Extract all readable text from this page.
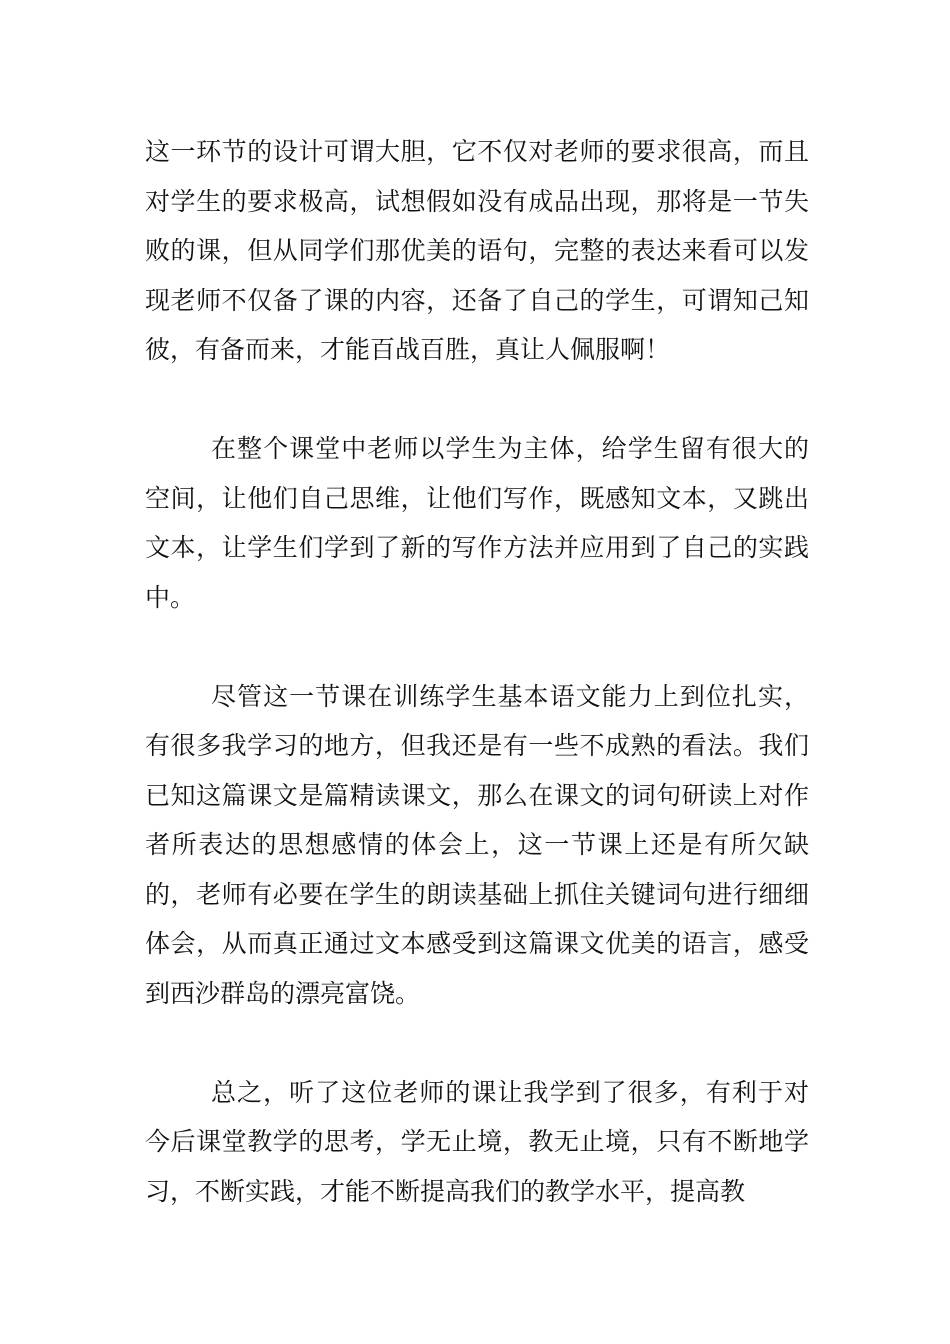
这一环节的设计可谓大胆，它不仅对老师的要求很高，而且对学生的要求极高，试想假如没有成品出现，那将是一节失败的课，但从同学们那优美的语句，完整的表达来看可以发现老师不仅备了课的内容，还备了自己的学生，可谓知己知彼，有备而来，才能百战百胜，真让人佩服啊！

在整个课堂中老师以学生为主体，给学生留有很大的空间，让他们自己思维，让他们写作，既感知文本，又跳出文本，让学生们学到了新的写作方法并应用到了自己的实践中。

尽管这一节课在训练学生基本语文能力上到位扎实，有很多我学习的地方，但我还是有一些不成熟的看法。我们已知这篇课文是篇精读课文，那么在课文的词句研读上对作者所表达的思想感情的体会上，这一节课上还是有所欠缺的，老师有必要在学生的朗读基础上抓住关键词句进行细细体会，从而真正通过文本感受到这篇课文优美的语言，感受到西沙群岛的漂亮富饶。

总之，听了这位老师的课让我学到了很多，有利于对今后课堂教学的思考，学无止境，教无止境，只有不断地学习，不断实践，才能不断提高我们的教学水平，提高教
